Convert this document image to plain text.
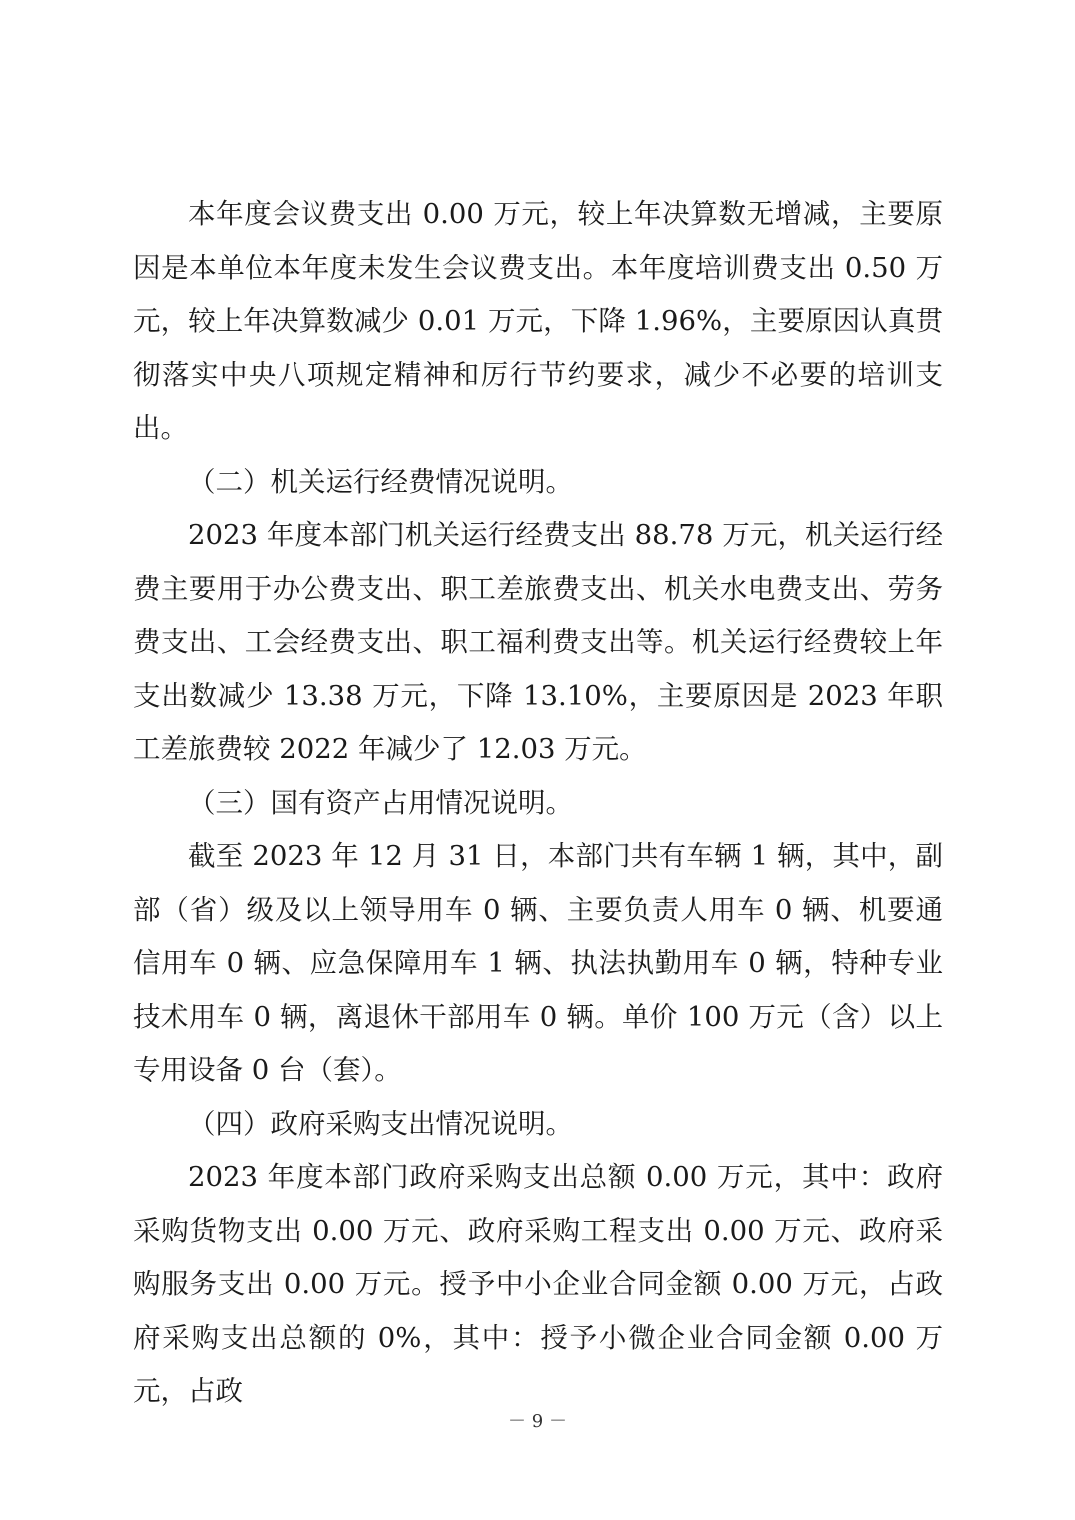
本年度会议费支出 0.00 万元，较上年决算数无增减，主要原因是本单位本年度未发生会议费支出。本年度培训费支出 0.50 万元，较上年决算数减少 0.01 万元，下降 1.96%，主要原因认真贯彻落实中央八项规定精神和厉行节约要求，减少不必要的培训支出。

（二）机关运行经费情况说明。

2023 年度本部门机关运行经费支出 88.78 万元，机关运行经费主要用于办公费支出、职工差旅费支出、机关水电费支出、劳务费支出、工会经费支出、职工福利费支出等。机关运行经费较上年支出数减少 13.38 万元，下降 13.10%，主要原因是 2023 年职工差旅费较 2022 年减少了 12.03 万元。

（三）国有资产占用情况说明。

截至 2023 年 12 月 31 日，本部门共有车辆 1 辆，其中，副部（省）级及以上领导用车 0 辆、主要负责人用车 0 辆、机要通信用车 0 辆、应急保障用车 1 辆、执法执勤用车 0 辆，特种专业技术用车 0 辆，离退休干部用车 0 辆。单价 100 万元（含）以上专用设备 0 台（套）。

（四）政府采购支出情况说明。

2023 年度本部门政府采购支出总额 0.00 万元，其中：政府采购货物支出 0.00 万元、政府采购工程支出 0.00 万元、政府采购服务支出 0.00 万元。授予中小企业合同金额 0.00 万元，占政府采购支出总额的 0%，其中：授予小微企业合同金额 0.00 万元，占政

－ 9 －
